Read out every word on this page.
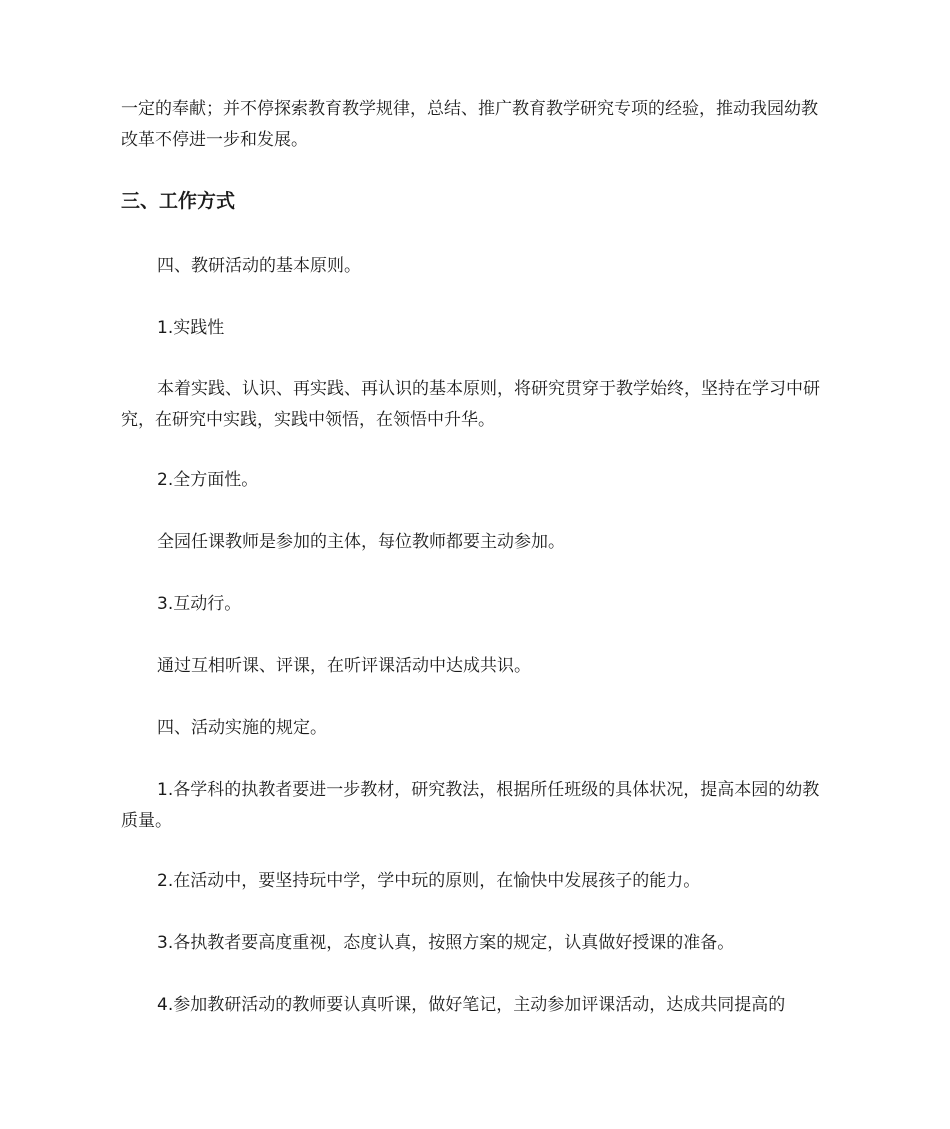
一定的奉献；并不停探索教育教学规律，总结、推广教育教学研究专项的经验，推动我园幼教改革不停进一步和发展。

三、工作方式

四、教研活动的基本原则。

1.实践性

本着实践、认识、再实践、再认识的基本原则，将研究贯穿于教学始终，坚持在学习中研究，在研究中实践，实践中领悟，在领悟中升华。

2.全方面性。

全园任课教师是参加的主体，每位教师都要主动参加。

3.互动行。

通过互相听课、评课，在听评课活动中达成共识。

四、活动实施的规定。

1.各学科的执教者要进一步教材，研究教法，根据所任班级的具体状况，提高本园的幼教质量。

2.在活动中，要坚持玩中学，学中玩的原则，在愉快中发展孩子的能力。

3.各执教者要高度重视，态度认真，按照方案的规定，认真做好授课的准备。

4.参加教研活动的教师要认真听课，做好笔记，主动参加评课活动，达成共同提高的
